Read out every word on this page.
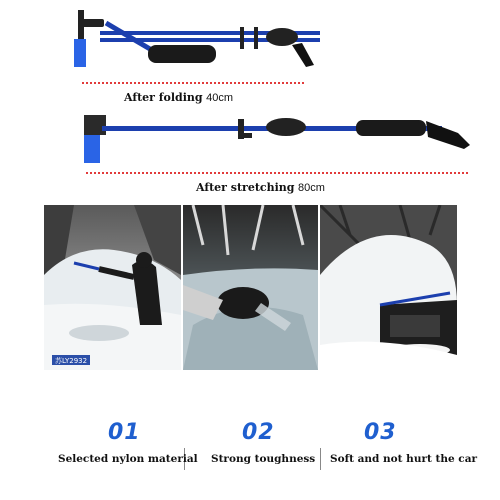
After folding 40cm
After stretching 80cm
苏LY2932
01	02	03
Selected nylon material Strong toughness Soft and not hurt the car
